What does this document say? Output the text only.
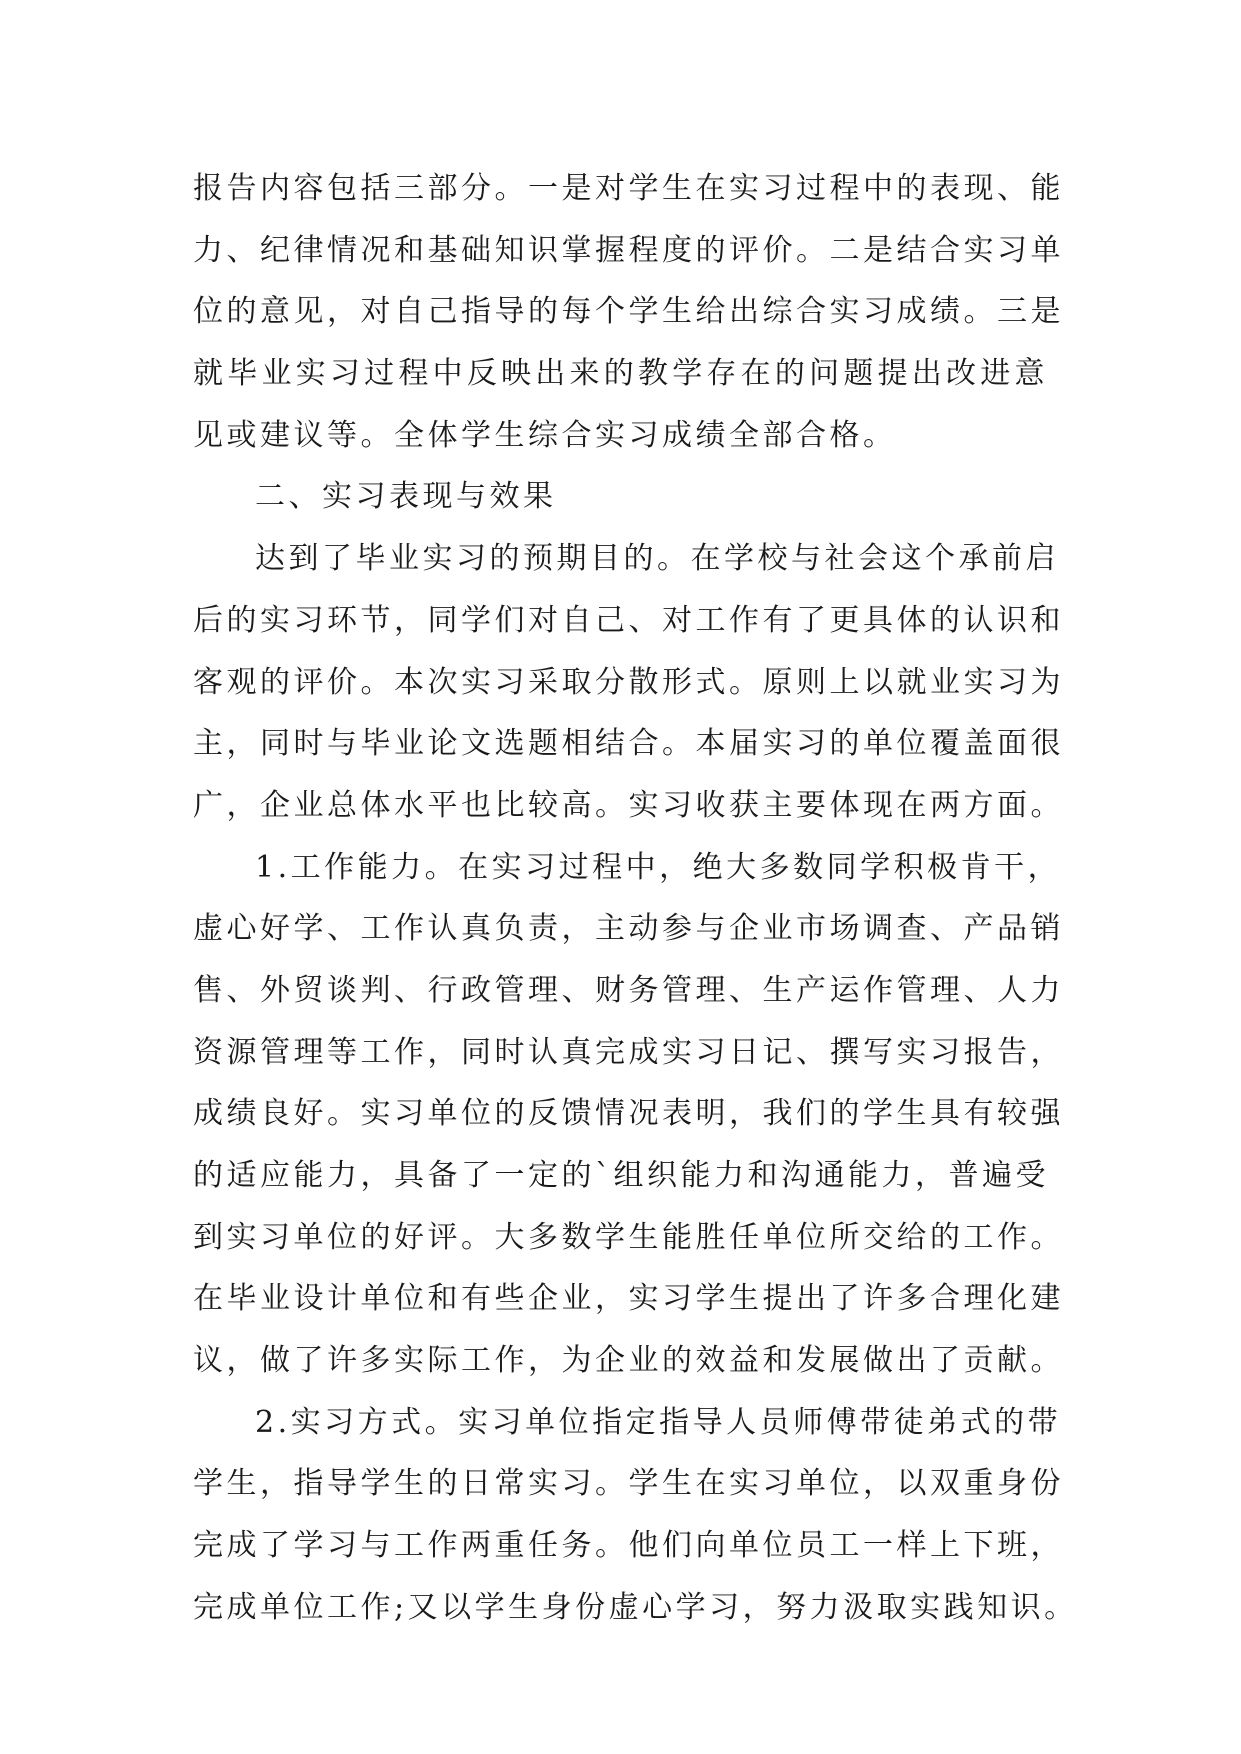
报告内容包括三部分。一是对学生在实习过程中的表现、能
力、纪律情况和基础知识掌握程度的评价。二是结合实习单
位的意见，对自己指导的每个学生给出综合实习成绩。三是
就毕业实习过程中反映出来的教学存在的问题提出改进意
见或建议等。全体学生综合实习成绩全部合格。
二、实习表现与效果
达到了毕业实习的预期目的。在学校与社会这个承前启
后的实习环节，同学们对自己、对工作有了更具体的认识和
客观的评价。本次实习采取分散形式。原则上以就业实习为
主，同时与毕业论文选题相结合。本届实习的单位覆盖面很
广，企业总体水平也比较高。实习收获主要体现在两方面。
1.工作能力。在实习过程中，绝大多数同学积极肯干，
虚心好学、工作认真负责，主动参与企业市场调查、产品销
售、外贸谈判、行政管理、财务管理、生产运作管理、人力
资源管理等工作，同时认真完成实习日记、撰写实习报告，
成绩良好。实习单位的反馈情况表明，我们的学生具有较强
的适应能力，具备了一定的`组织能力和沟通能力，普遍受
到实习单位的好评。大多数学生能胜任单位所交给的工作。
在毕业设计单位和有些企业，实习学生提出了许多合理化建
议，做了许多实际工作，为企业的效益和发展做出了贡献。
2.实习方式。实习单位指定指导人员师傅带徒弟式的带
学生，指导学生的日常实习。学生在实习单位，以双重身份
完成了学习与工作两重任务。他们向单位员工一样上下班，
完成单位工作;又以学生身份虚心学习，努力汲取实践知识。
